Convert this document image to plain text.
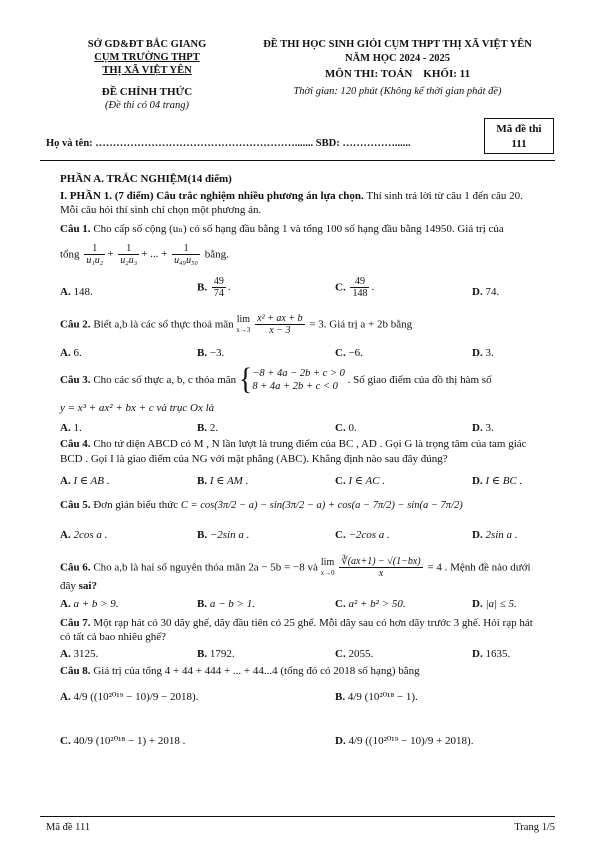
SỞ GD&ĐT BẮC GIANG
CỤM TRƯỜNG THPT
THỊ XÃ VIỆT YÊN
ĐỀ CHÍNH THỨC
(Đề thi có 04 trang)
ĐỀ THI HỌC SINH GIỎI CỤM THPT THỊ XÃ VIỆT YÊN
NĂM HỌC 2024 - 2025
MÔN THI: TOÁN    KHỐI: 11
Thời gian: 120 phút (Không kể thời gian phát đề)
Họ và tên: …………………………………………………....... SBD: ……………......
Mã đề thi
111
PHẦN A. TRẮC NGHIỆM(14 điểm)
I. PHẦN 1. (7 điểm) Câu trắc nghiệm nhiều phương án lựa chọn. Thí sinh trả lời từ câu 1 đến câu 20. Mỗi câu hỏi thí sinh chỉ chọn một phương án.
Câu 1. Cho cấp số cộng (uₙ) có số hạng đầu bằng 1 và tổng 100 số hạng đầu bằng 14950. Giá trị của
tổng $\frac{1}{\text{u₁u₂}} + \frac{1}{\text{u₂u₃}}$ + ... + $\frac{1}{\text{u₄₉u₅₀}}$ bằng.
A. 148.	B. $\frac{49}{74}$ .	C. $\frac{49}{148}$ .	D. 74.
Câu 2. Biết a,b là các số thực thoả mãn lim
$x\to 3 \frac{\text{x² + ax + b}}{x - 3} = 3$. Giá trị a + 2b bằng
A. 6.	B. −3.	C. −6.	D. 3.
Câu 3. Cho các số thực a, b, c thỏa mãn {−8 + 4a − 2b + c > 0
8 + 4a + 2b + c < 0 . Số giao điểm của đồ thị hàm số
y = x³ + ax² + bx + c và trục Ox là
A. 1.	B. 2.	C. 0.	D. 3.
Câu 4. Cho tứ diện ABCD có M , N lần lượt là trung điểm của BC , AD . Gọi G là trọng tâm của tam giác BCD . Gọi I là giao điểm của NG với mặt phẳng (ABC). Khẳng định nào sau đây đúng?
A. I ∈ AB .	B. I ∈ AM .	C. I ∈ AC .	D. I ∈ BC .
Câu 5. Đơn giản biểu thức C = cos(3π/2 − a) − sin(3π/2 − a) + cos(a − 7π/2) − sin(a − 7π/2)
A. 2cos a .	B. −2sin a .	C. −2cos a .	D. 2sin a .
Câu 6. Cho a,b là hai số nguyên thỏa mãn 2a − 5b = −8 và lim
$x\to 0 \frac{∛(ax+1) - √(1-bx)}{x} = 4$ . Mệnh đề nào dưới
đây sai?
A. a + b > 9.	B. a − b > 1.	C. a² + b² > 50.	D. |a| ≤ 5.
Câu 7. Một rạp hát có 30 dãy ghế, dãy đầu tiên có 25 ghế. Mỗi dãy sau có hơn dãy trước 3 ghế. Hỏi rạp hát có tất cả bao nhiêu ghế?
A. 3125.	B. 1792.	C. 2055.	D. 1635.
Câu 8. Giá trị của tổng 4 + 44 + 444 + ... + 44...4 (tổng đó có 2018 số hạng) bằng
A. 4/9 ((10²⁰¹⁹ − 10)/9 − 2018).	B. 4/9 (10²⁰¹⁸ − 1).
C. 40/9 (10²⁰¹⁸ − 1) + 2018 .	D. 4/9 ((10²⁰¹⁹ − 10)/9 + 2018).
Mã đề 111	Trang 1/5
